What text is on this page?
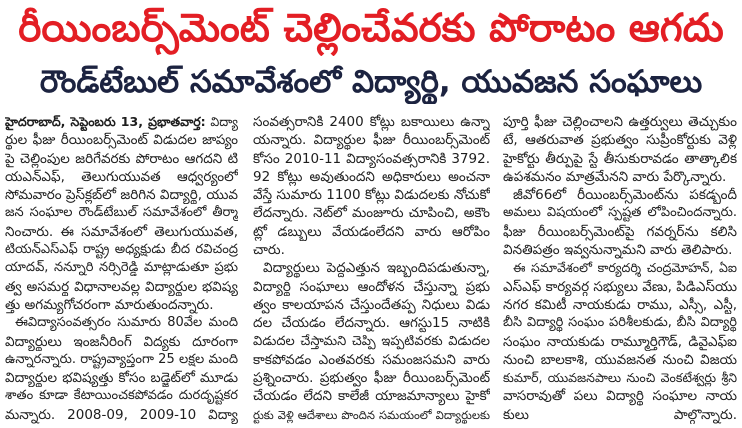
రీయింబర్స్‌మెంట్ చెల్లించేవరకు పోరాటం ఆగదు
రౌండ్‌టేబుల్ సమావేశంలో విద్యార్థి, యువజన సంఘాలు
హైదరాబాద్, సెప్టెంబరు 13, ప్రభాతవార్త: విద్యా
ర్థుల ఫీజు రీయింబర్స్‌మెంట్ విడుదల జాప్యం
పై చెల్లింపుల జరిగేవరకు పోరాటం ఆగదని టి
యఎన్ఎఫ్, తెలుగుయువత ఆధ్వర్యంలో
సోమవారం ప్రెస్‌క్లబ్‌లో జరిగిన విద్యార్థి, యువ
జన సంఘాల రౌండ్‌టేబుల్ సమావేశంలో తీర్మా
నించారు. ఈ సమావేశంలో తెలుగుయువత,
టియన్ఎస్ఎఫ్ రాష్ట్ర అధ్యక్షుడు బీద రవిచంద్ర
యాదవ్, నన్నూరి నర్సిరెడ్డి మాట్లాడుతూ ప్రభు
త్వ అసమర్థ విధానాలవల్ల విద్యార్థుల భవిష్య
త్తు అగమ్యగోచరంగా మారుతుందన్నారు.
ఈవిద్యాసంవత్సరం సుమారు 80వేల మంది
విద్యార్థులు ఇంజనీరింగ్ విద్యకు దూరంగా
ఉన్నారన్నారు. రాష్ట్రవ్యాప్తంగా 25 లక్షల మంది
విద్యార్థుల భవిష్యత్తు కోసం బడ్జెట్‌లో మూడు
శాతం కూడా కేటాయించకపోవడం దురదృష్టకర
మన్నారు. 2008-09, 2009-10 విద్యా
సంవత్సరానికి 2400 కోట్లు బకాయిలు ఉన్నా
యన్నారు. విద్యార్థుల ఫీజు రీయింబర్స్‌మెంట్
కోసం 2010-11 విద్యాసంవత్సరానికి 3792.
92 కోట్లు అవుతుందని అధికారులు అంచనా
వేస్తే సుమారు 1100 కోట్లు విడుదలకు నోచుకో
లేదన్నారు. నెట్‌లో మంజూరు చూపించి, అకౌం
ట్లో డబ్బులు వేయడంలేదని వారు ఆరోపిం
చారు.
విద్యార్థులు పెద్దఎత్తున ఇబ్బందిపడుతున్నా,
విద్యార్థి సంఘాలు ఆందోళన చేస్తున్నా ప్రభు
త్వం కాలయాపన చేస్తుందేతప్ప నిధులు విడు
దల చేయడం లేదన్నారు. ఆగస్టు15 నాటికి
విడుదల చేస్తామని చెప్పి ఇప్పటివరకు విడుదల
కాకపోవడం ఎంతవరకు సమంజసమని వారు
ప్రశ్నించారు. ప్రభుత్వం ఫీజు రీయింబర్స్‌మెంట్
చేయడం లేదని కాలేజీ యాజమాన్యాలు హైకో
ర్టుకు వెళ్లి ఆదేశాలు పొందిన సమయంలో విద్యార్థులకు
పూర్తి ఫీజు చెల్లించాలని ఉత్తర్వులు తెచ్చుకుం
టే, ఆతరువాత ప్రభుత్వం సుప్రీంకోర్టుకు వెళ్లి
హైకోర్టు తీర్పుపై స్టే తీసుకురావడం తాత్కాలిక
ఉపశమనం మాత్రమేనని వారు పేర్కొన్నారు.
జీవో66లో రీయింబర్స్‌మెంట్‌ను పకడ్బందీ
అమలు విషయంలో స్పష్టత లోపించిందన్నారు.
ఫీజు రీయింబర్స్‌మెంట్‌పై గవర్నర్‌ను కలిసి
వినతిపత్రం ఇవ్వనున్నామని వారు తెలిపారు.
ఈ సమావేశంలో కార్యదర్శి చంద్రమోహన్, ఏఐ
ఎస్ఎఫ్ కార్యవర్గ సభ్యులు వేణు, పిడిఎస్‌యు
నగర కమిటీ నాయకుడు రాము, ఎస్సీ, ఎస్టీ,
బీసి విద్యార్థి సంఘం పరిశీలకుడు, బీసి విద్యార్థి
సంఘం నాయకుడు రామ్మూర్తిగౌడ్, డివైఎఫ్ఐ
నుంచి బాలకాశి, యువజనత నుంచి విజయ
కుమార్, యువజనపాలు నుంచి వెంకటేశ్వర్లు శ్రీని
వాసరావుతో పలు విద్యార్థి సంఘాల నాయ
కులు పాల్గొన్నారు.
